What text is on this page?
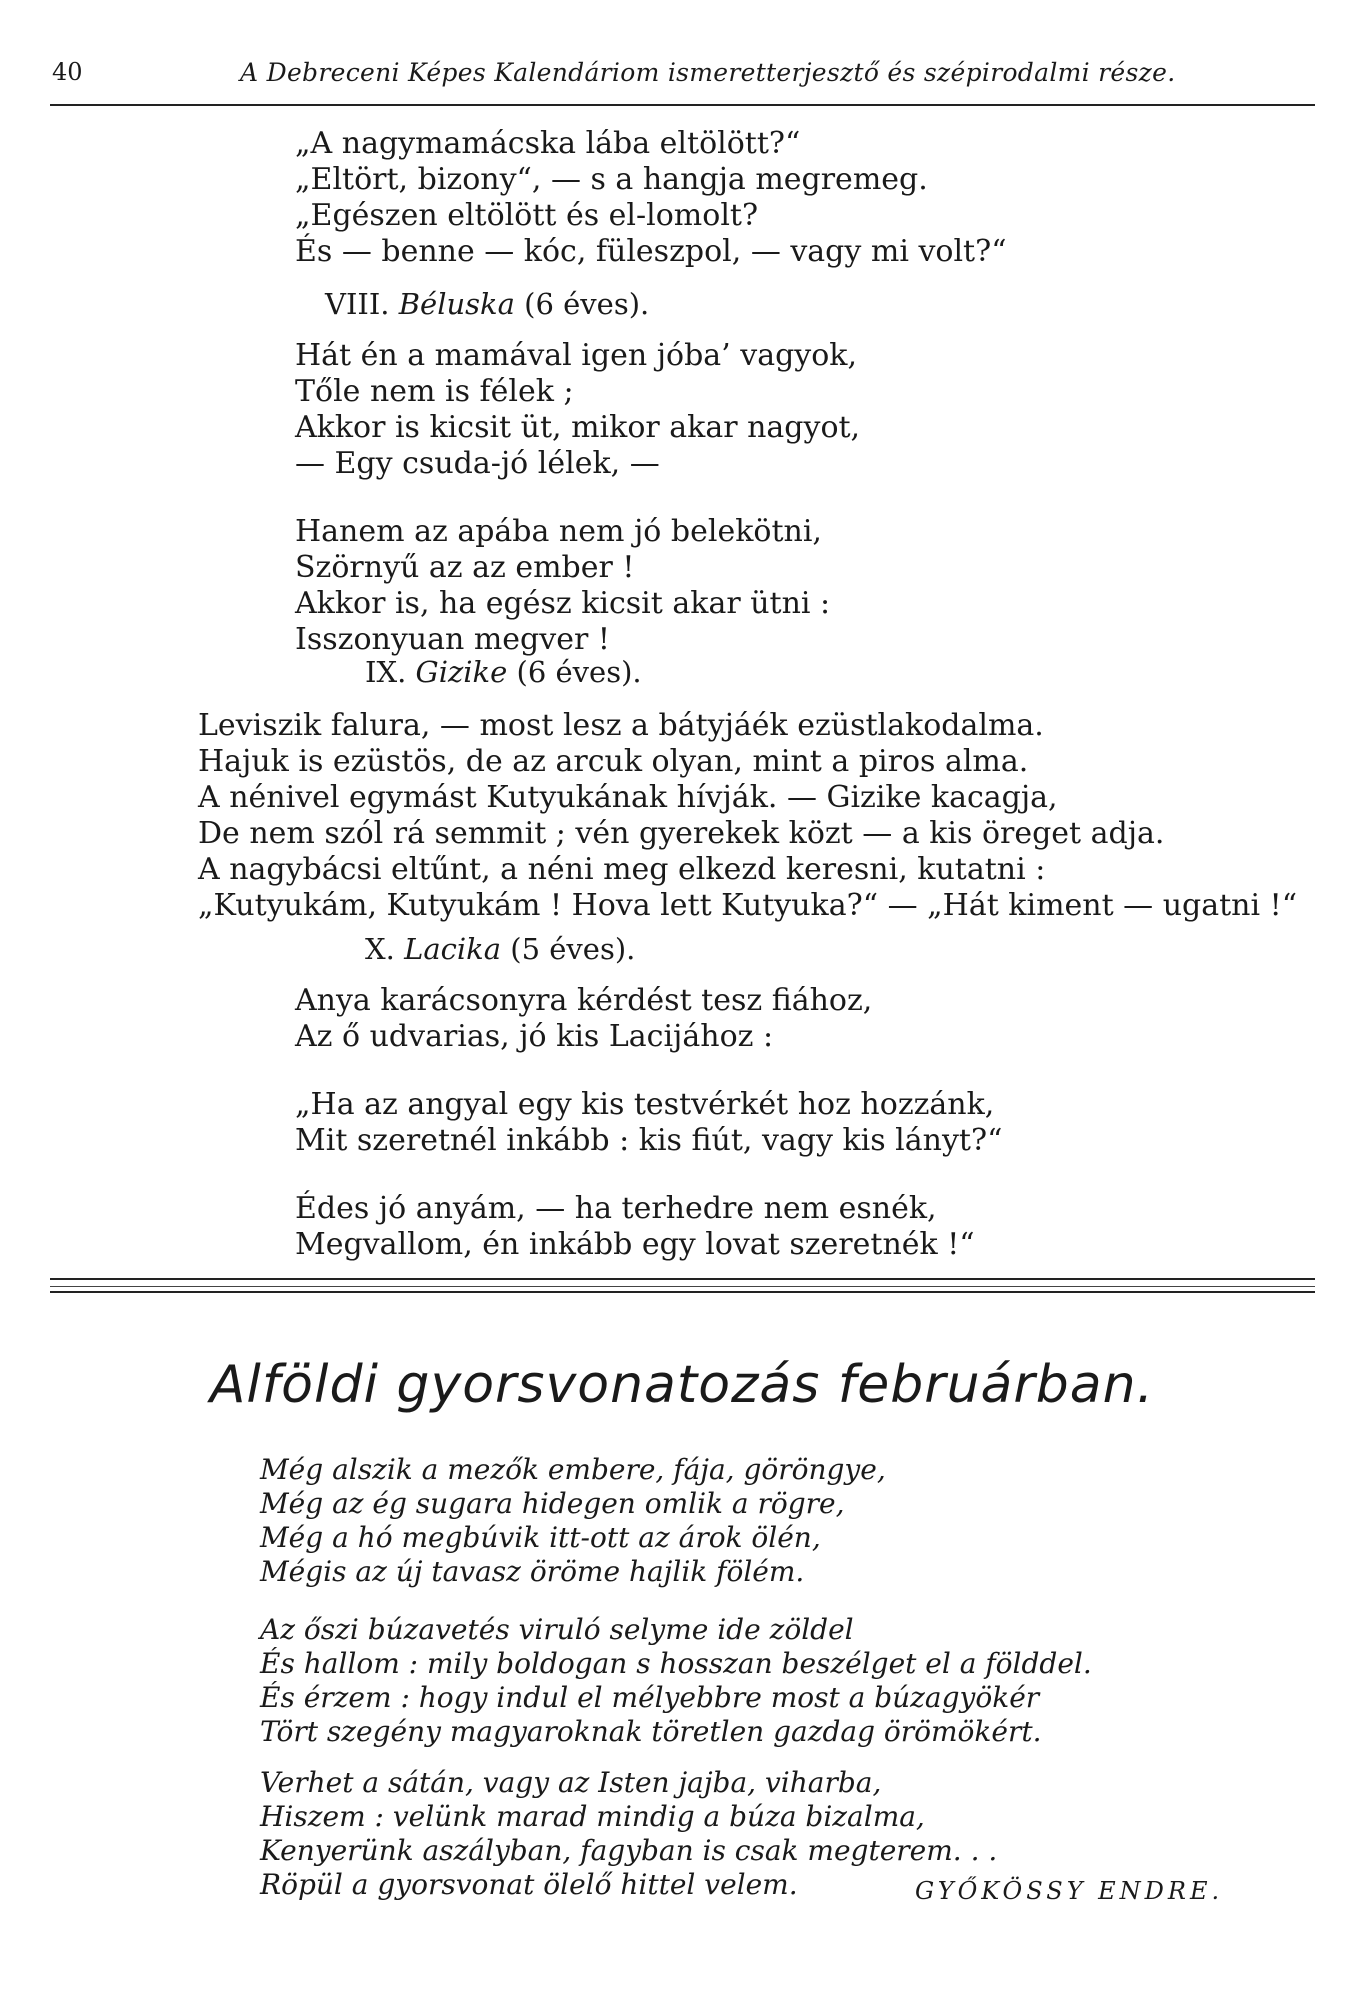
40	A Debreceni Képes Kalendáriom ismeretterjesztő és szépirodalmi része.

„A nagymamácska lába eltölött?“

„Eltört, bizony“, — s a hangja megremeg.

„Egészen eltölött és el-lomolt?

És — benne — kóc, füleszpol, — vagy mi volt?“

VIII. Béluska (6 éves).

Hát én a mamával igen jóba’ vagyok,

Tőle nem is félek ;

Akkor is kicsit üt, mikor akar nagyot,

— Egy csuda-jó lélek, —

Hanem az apába nem jó belekötni,

Szörnyű az az ember !

Akkor is, ha egész kicsit akar ütni :

Isszonyuan megver !

IX. Gizike (6 éves).

Leviszik falura, — most lesz a bátyjáék ezüstlakodalma.

Hajuk is ezüstös, de az arcuk olyan, mint a piros alma.

A nénivel egymást Kutyukának hívják. — Gizike kacagja,

De nem szól rá semmit ; vén gyerekek közt — a kis öreget adja.

A nagybácsi eltűnt, a néni meg elkezd keresni, kutatni :

„Kutyukám, Kutyukám ! Hova lett Kutyuka?“ — „Hát kiment — ugatni !“

X. Lacika (5 éves).

Anya karácsonyra kérdést tesz fiához,

Az ő udvarias, jó kis Lacijához :

„Ha az angyal egy kis testvérkét hoz hozzánk,

Mit szeretnél inkább : kis fiút, vagy kis lányt?“

Édes jó anyám, — ha terhedre nem esnék,

Megvallom, én inkább egy lovat szeretnék !“

Alföldi gyorsvonatozás februárban.

Még alszik a mezők embere, fája, göröngye,

Még az ég sugara hidegen omlik a rögre,

Még a hó megbúvik itt-ott az árok ölén,

Mégis az új tavasz öröme hajlik fölém.

Az őszi búzavetés viruló selyme ide zöldel

És hallom : mily boldogan s hosszan beszélget el a földdel.

És érzem : hogy indul el mélyebbre most a búzagyökér

Tört szegény magyaroknak töretlen gazdag örömökért.

Verhet a sátán, vagy az Isten jajba, viharba,

Hiszem : velünk marad mindig a búza bizalma,

Kenyerünk aszályban, fagyban is csak megterem. . .

Röpül a gyorsvonat ölelő hittel velem.	GYŐKÖSSY ENDRE.
